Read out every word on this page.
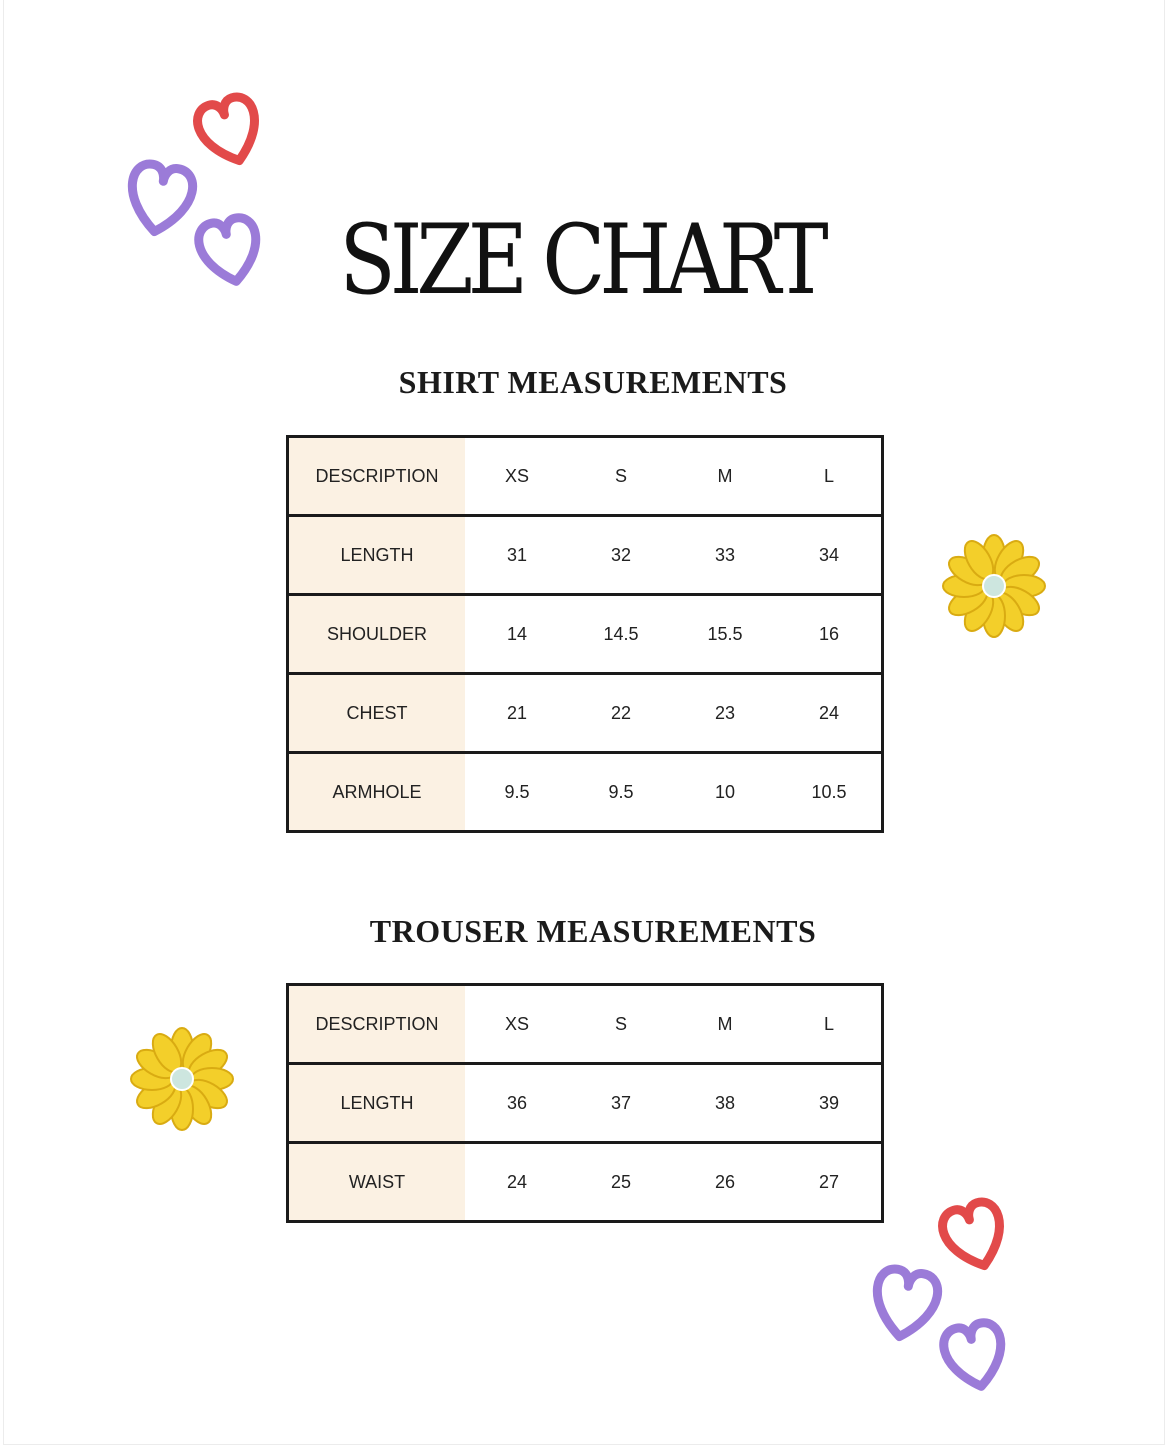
SIZE CHART
SHIRT MEASUREMENTS
DESCRIPTION	XS	S	M	L
LENGTH	31	32	33	34
SHOULDER	14	14.5	15.5	16
CHEST	21	22	23	24
ARMHOLE	9.5	9.5	10	10.5
TROUSER MEASUREMENTS
DESCRIPTION	XS	S	M	L
LENGTH	36	37	38	39
WAIST	24	25	26	27
